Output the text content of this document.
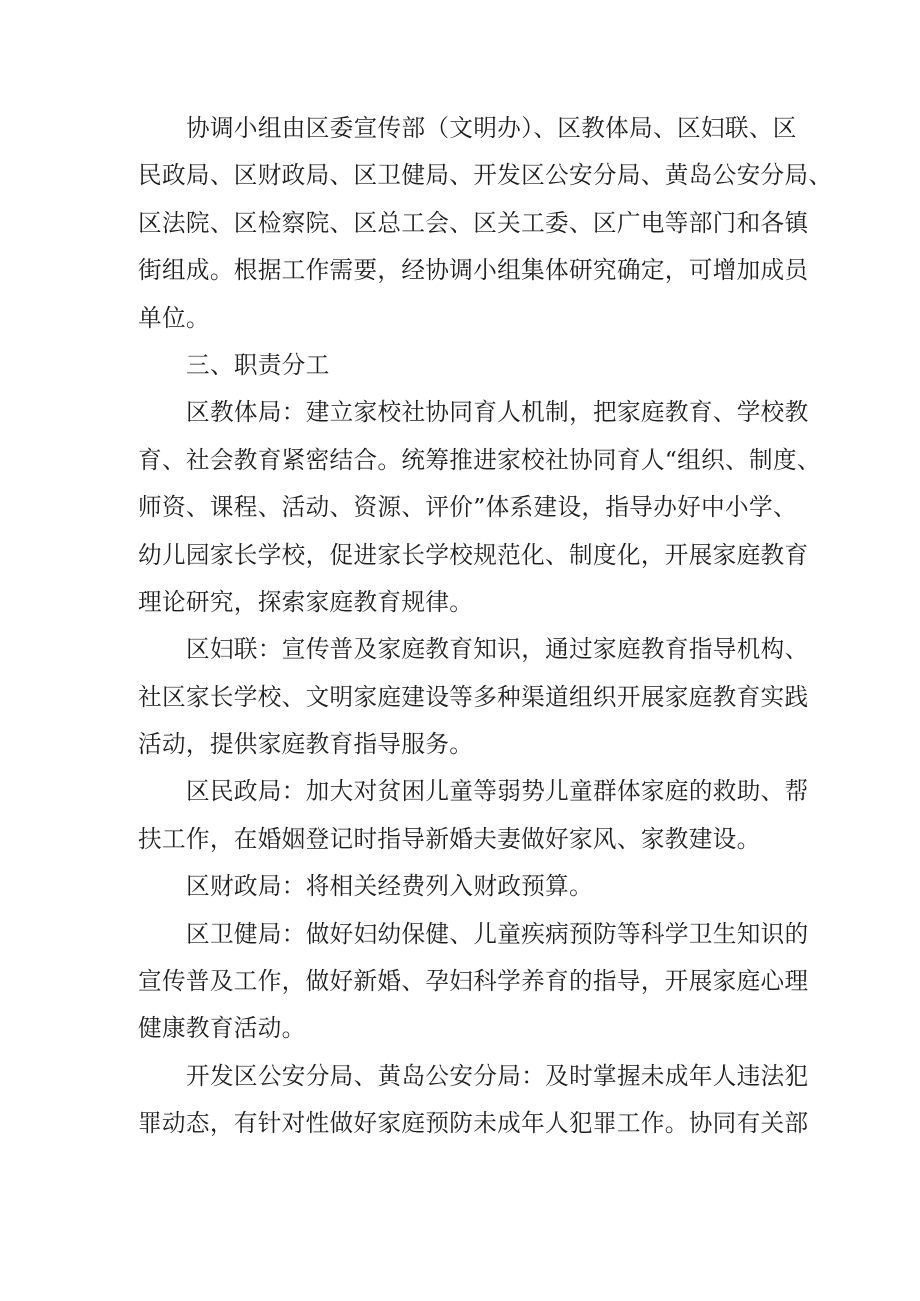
协调小组由区委宣传部（文明办）、区教体局、区妇联、区
民政局、区财政局、区卫健局、开发区公安分局、黄岛公安分局、
区法院、区检察院、区总工会、区关工委、区广电等部门和各镇
街组成。根据工作需要，经协调小组集体研究确定，可增加成员
单位。
三、职责分工
区教体局：建立家校社协同育人机制，把家庭教育、学校教
育、社会教育紧密结合。统筹推进家校社协同育人“组织、制度、
师资、课程、活动、资源、评价”体系建设，指导办好中小学、
幼儿园家长学校，促进家长学校规范化、制度化，开展家庭教育
理论研究，探索家庭教育规律。
区妇联：宣传普及家庭教育知识，通过家庭教育指导机构、
社区家长学校、文明家庭建设等多种渠道组织开展家庭教育实践
活动，提供家庭教育指导服务。
区民政局：加大对贫困儿童等弱势儿童群体家庭的救助、帮
扶工作，在婚姻登记时指导新婚夫妻做好家风、家教建设。
区财政局：将相关经费列入财政预算。
区卫健局：做好妇幼保健、儿童疾病预防等科学卫生知识的
宣传普及工作，做好新婚、孕妇科学养育的指导，开展家庭心理
健康教育活动。
开发区公安分局、黄岛公安分局：及时掌握未成年人违法犯
罪动态，有针对性做好家庭预防未成年人犯罪工作。协同有关部
